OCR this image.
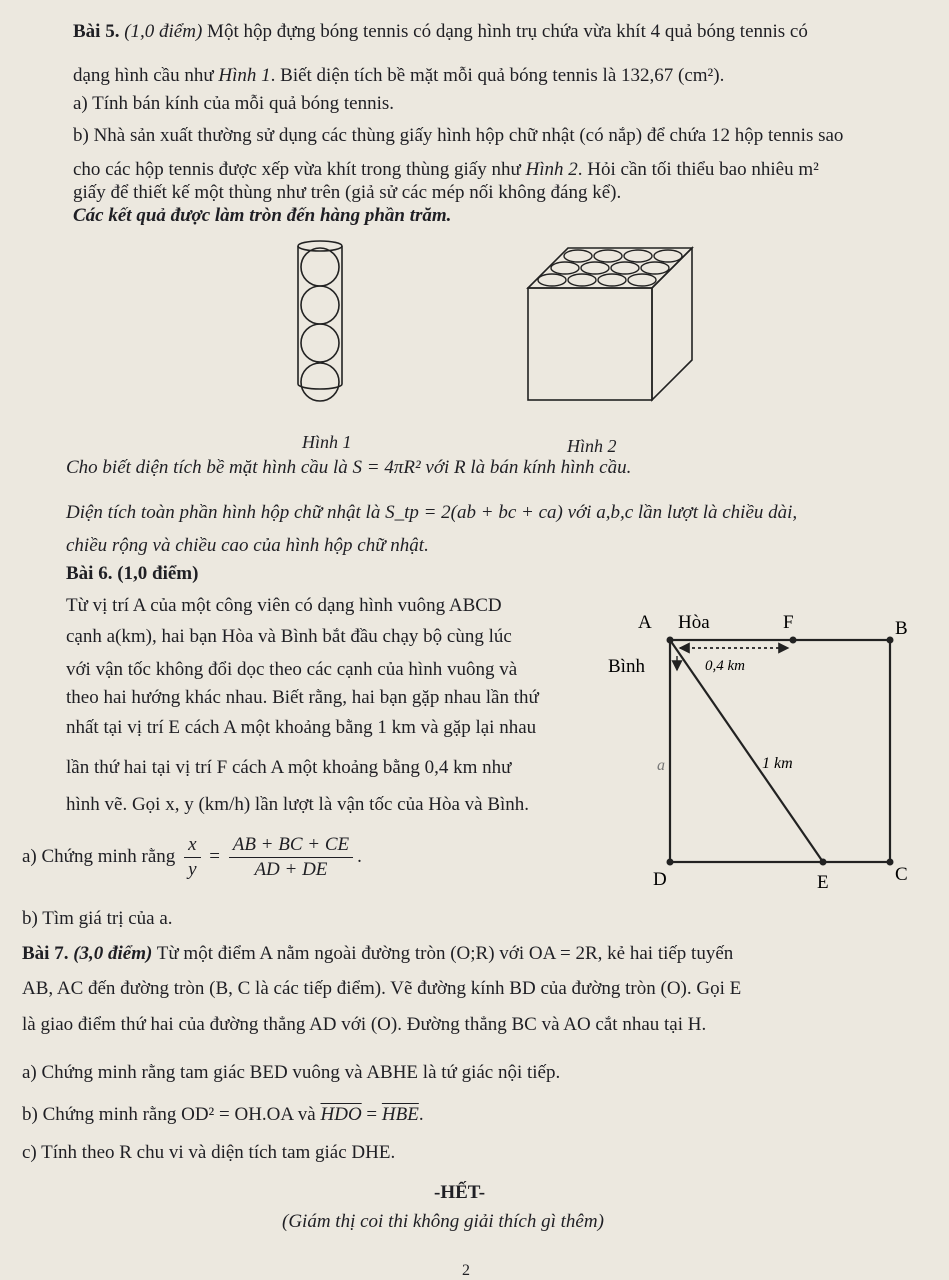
Bài 5. (1,0 điểm) Một hộp đựng bóng tennis có dạng hình trụ chứa vừa khít 4 quả bóng tennis có
dạng hình cầu như Hình 1. Biết diện tích bề mặt mỗi quả bóng tennis là 132,67 (cm²).
a) Tính bán kính của mỗi quả bóng tennis.
b) Nhà sản xuất thường sử dụng các thùng giấy hình hộp chữ nhật (có nắp) để chứa 12 hộp tennis sao
cho các hộp tennis được xếp vừa khít trong thùng giấy như Hình 2. Hỏi cần tối thiểu bao nhiêu m²
giấy để thiết kế một thùng như trên (giả sử các mép nối không đáng kể).
Các kết quả được làm tròn đến hàng phần trăm.
Hình 1	Hình 2
Cho biết diện tích bề mặt hình cầu là S = 4πR² với R là bán kính hình cầu.
Diện tích toàn phần hình hộp chữ nhật là S_tp = 2(ab + bc + ca) với a,b,c lần lượt là chiều dài,
chiều rộng và chiều cao của hình hộp chữ nhật.
Bài 6. (1,0 điểm)
Từ vị trí A của một công viên có dạng hình vuông ABCD
cạnh a(km), hai bạn Hòa và Bình bắt đầu chạy bộ cùng lúc
với vận tốc không đổi dọc theo các cạnh của hình vuông và
theo hai hướng khác nhau. Biết rằng, hai bạn gặp nhau lần thứ
nhất tại vị trí E cách A một khoảng bằng 1 km và gặp lại nhau
lần thứ hai tại vị trí F cách A một khoảng bằng 0,4 km như
hình vẽ. Gọi x, y (km/h) lần lượt là vận tốc của Hòa và Bình.
a) Chứng minh rằng $\frac{x}{y} = \frac{AB + BC + CE}{AD + DE}$ .
b) Tìm giá trị của a.
A Hòa	F	B
Bình	0,4 km
1 km
a
D	E	C
Bài 7. (3,0 điểm) Từ một điểm A nằm ngoài đường tròn (O;R) với OA = 2R, kẻ hai tiếp tuyến
AB, AC đến đường tròn (B, C là các tiếp điểm). Vẽ đường kính BD của đường tròn (O). Gọi E
là giao điểm thứ hai của đường thẳng AD với (O). Đường thẳng BC và AO cắt nhau tại H.
a) Chứng minh rằng tam giác BED vuông và ABHE là tứ giác nội tiếp.
b) Chứng minh rằng OD² = OH.OA và $\overline{HDO} = \overline{HBE}$.
c) Tính theo R chu vi và diện tích tam giác DHE.
-HẾT-
(Giám thị coi thi không giải thích gì thêm)
2
